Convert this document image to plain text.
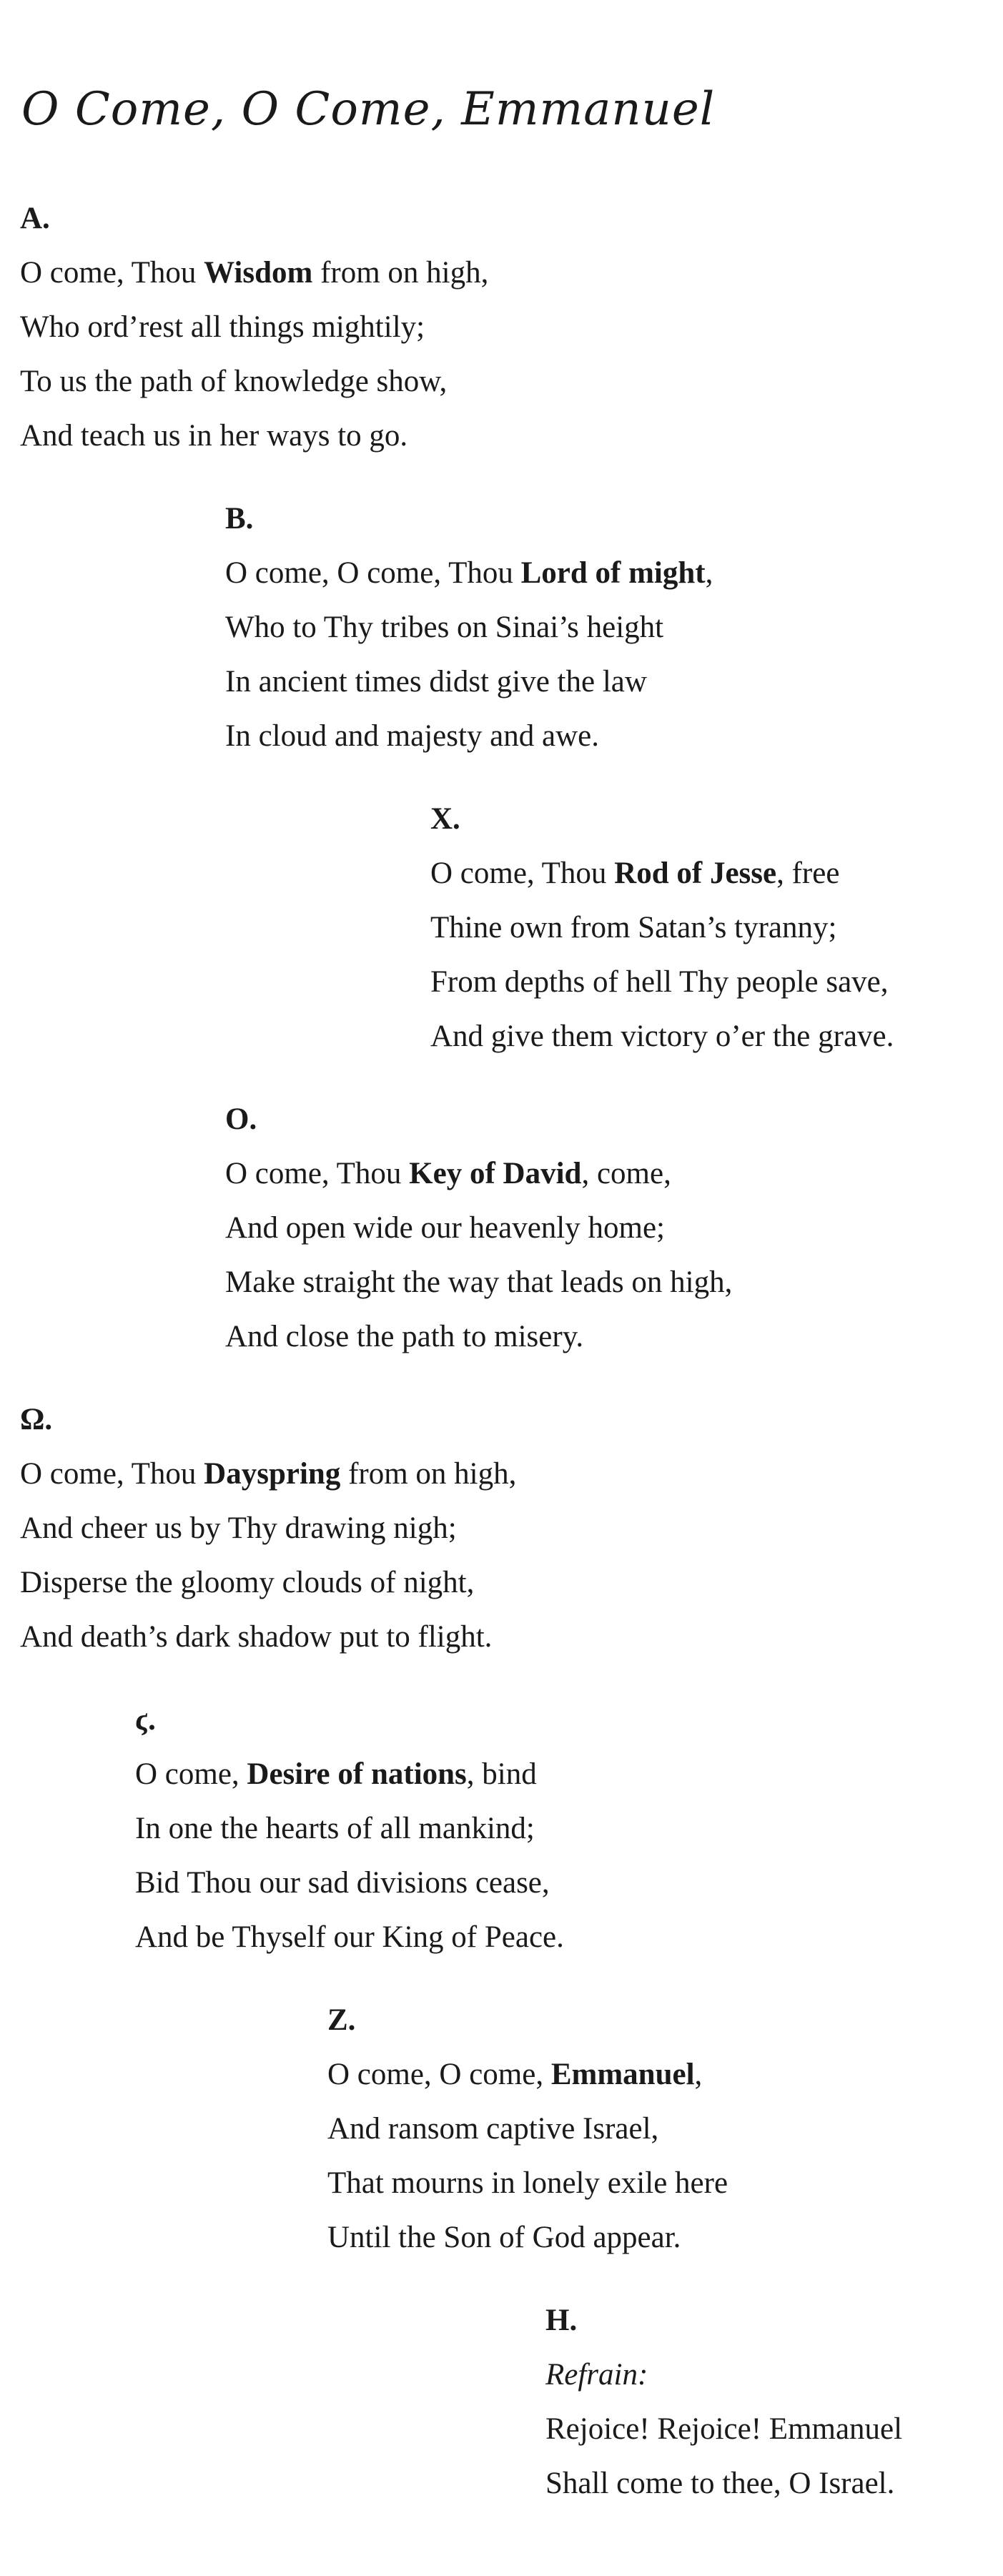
O Come, O Come, Emmanuel
A.
O come, Thou Wisdom from on high,
Who ord’rest all things mightily;
To us the path of knowledge show,
And teach us in her ways to go.
B.
O come, O come, Thou Lord of might,
Who to Thy tribes on Sinai’s height
In ancient times didst give the law
In cloud and majesty and awe.
X.
O come, Thou Rod of Jesse, free
Thine own from Satan’s tyranny;
From depths of hell Thy people save,
And give them victory o’er the grave.
O.
O come, Thou Key of David, come,
And open wide our heavenly home;
Make straight the way that leads on high,
And close the path to misery.
Ω.
O come, Thou Dayspring from on high,
And cheer us by Thy drawing nigh;
Disperse the gloomy clouds of night,
And death’s dark shadow put to flight.
ϛ.
O come, Desire of nations, bind
In one the hearts of all mankind;
Bid Thou our sad divisions cease,
And be Thyself our King of Peace.
Z.
O come, O come, Emmanuel,
And ransom captive Israel,
That mourns in lonely exile here
Until the Son of God appear.
H.
Refrain:
Rejoice! Rejoice! Emmanuel
Shall come to thee, O Israel.
